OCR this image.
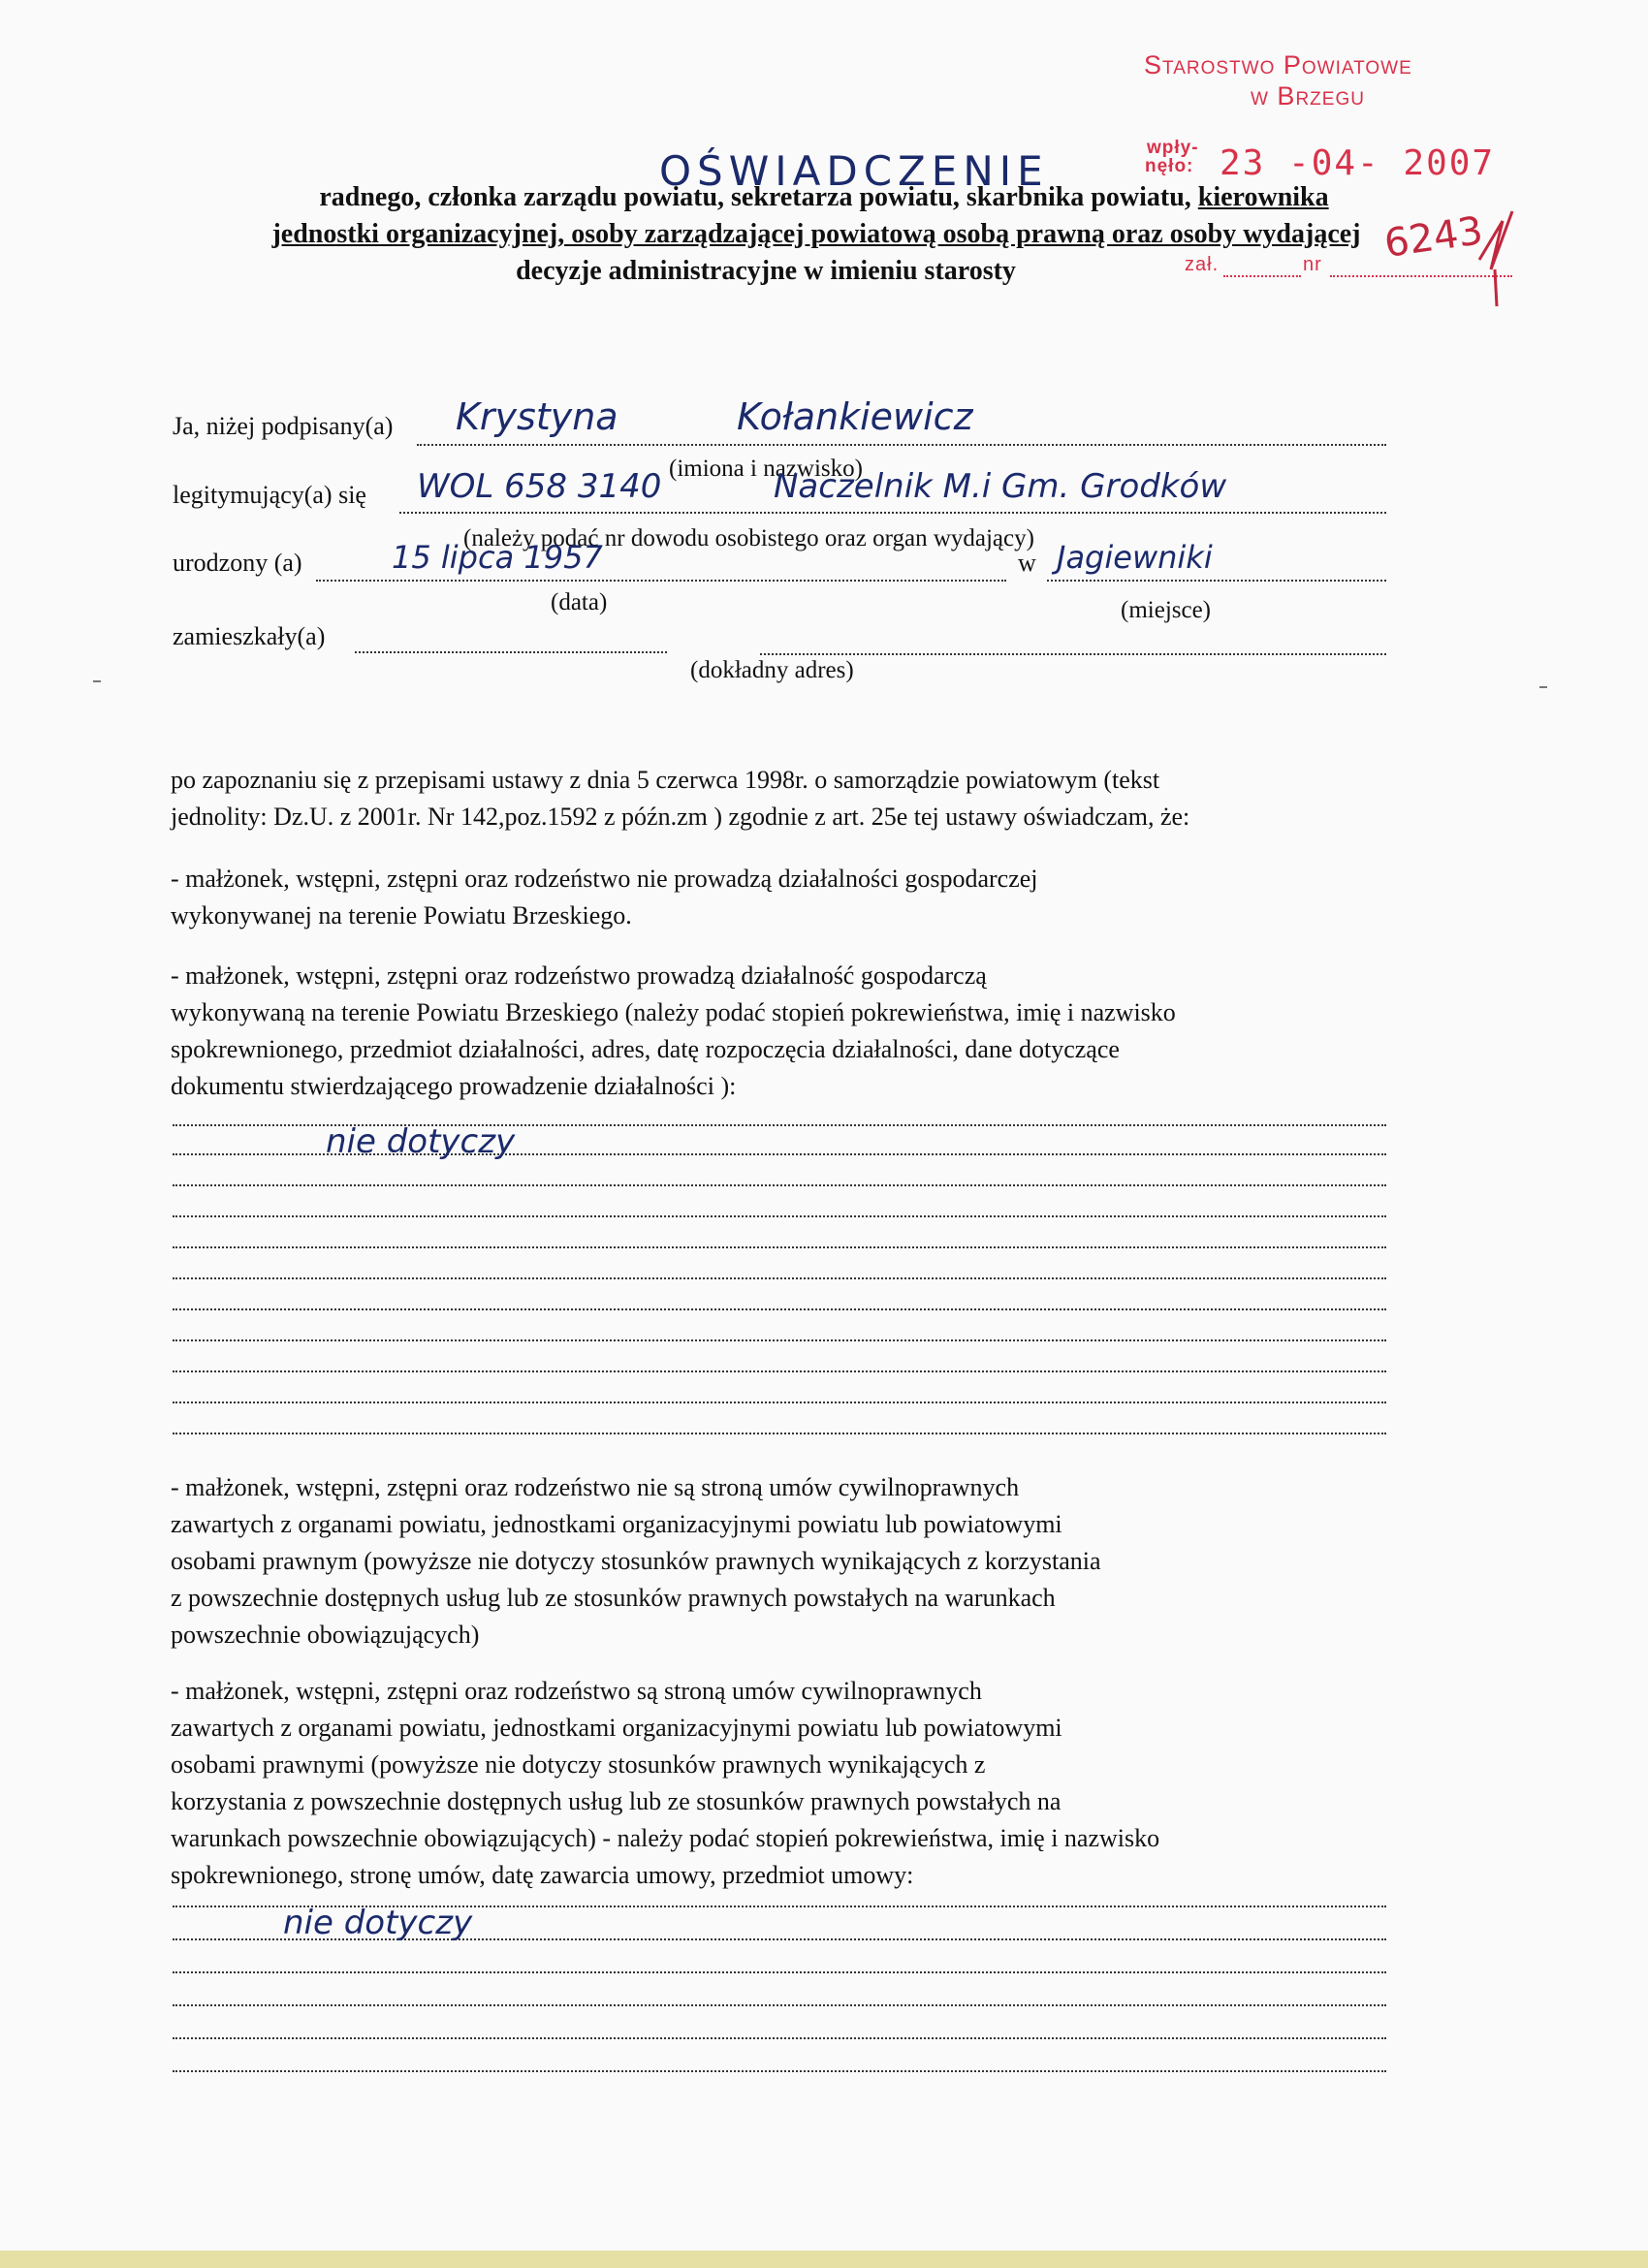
Starostwo Powiatowe
w Brzegu
wpły-
nęło: 23 -04- 2007
zał.	nr 6243
OŚWIADCZENIE
radnego, członka zarządu powiatu, sekretarza powiatu, skarbnika powiatu, kierownika
jednostki organizacyjnej, osoby zarządzającej powiatową osobą prawną oraz osoby wydającej
decyzje administracyjne w imieniu starosty
Ja, niżej podpisany(a) Krystyna	Kołankiewicz
(imiona i nazwisko)
legitymujący(a) się WOL 658 3140	Naczelnik M.i Gm. Grodków
(należy podać nr dowodu osobistego oraz organ wydający)
urodzony (a)	15 lipca 1957	w Jagiewniki
(data)	(miejsce)
zamieszkały(a)
(dokładny adres)

po zapoznaniu się z przepisami ustawy z dnia 5 czerwca 1998r. o samorządzie powiatowym (tekst
jednolity: Dz.U. z 2001r. Nr 142,poz.1592 z późn.zm ) zgodnie z art. 25e tej ustawy oświadczam, że:

- małżonek, wstępni, zstępni oraz rodzeństwo nie prowadzą działalności gospodarczej
wykonywanej na terenie Powiatu Brzeskiego.

- małżonek, wstępni, zstępni oraz rodzeństwo prowadzą działalność gospodarczą
wykonywaną na terenie Powiatu Brzeskiego (należy podać stopień pokrewieństwa, imię i nazwisko
spokrewnionego, przedmiot działalności, adres, datę rozpoczęcia działalności, dane dotyczące
dokumentu stwierdzającego prowadzenie działalności ):

nie dotyczy

- małżonek, wstępni, zstępni oraz rodzeństwo nie są stroną umów cywilnoprawnych
zawartych z organami powiatu, jednostkami organizacyjnymi powiatu lub powiatowymi
osobami prawnym (powyższe nie dotyczy stosunków prawnych wynikających z korzystania
z powszechnie dostępnych usług lub ze stosunków prawnych powstałych na warunkach
powszechnie obowiązujących)

- małżonek, wstępni, zstępni oraz rodzeństwo są stroną umów cywilnoprawnych
zawartych z organami powiatu, jednostkami organizacyjnymi powiatu lub powiatowymi
osobami prawnymi (powyższe nie dotyczy stosunków prawnych wynikających z
korzystania z powszechnie dostępnych usług lub ze stosunków prawnych powstałych na
warunkach powszechnie obowiązujących) - należy podać stopień pokrewieństwa, imię i nazwisko
spokrewnionego, stronę umów, datę zawarcia umowy, przedmiot umowy:

nie dotyczy
